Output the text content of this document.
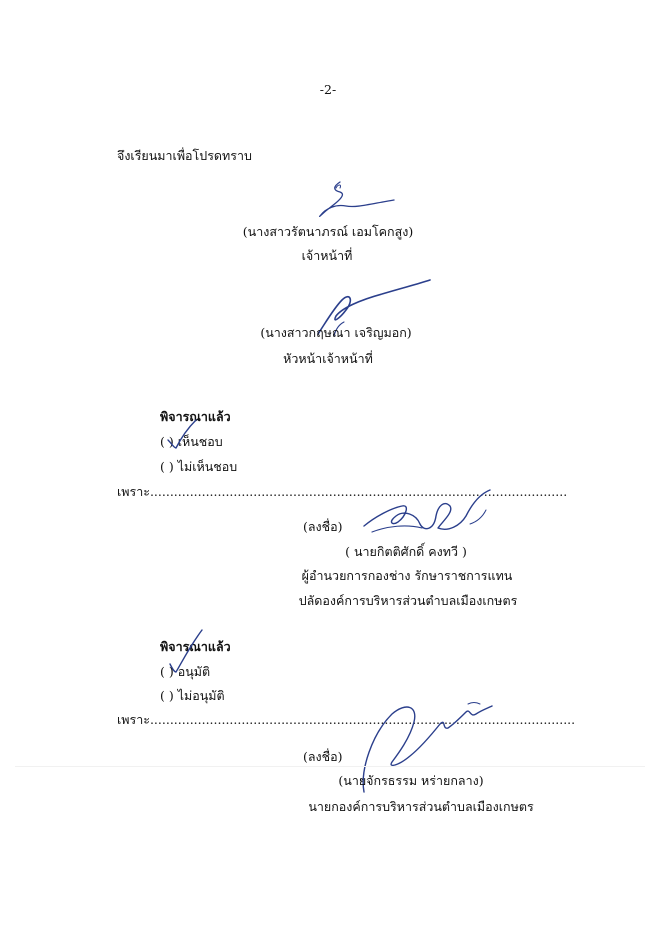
-2-
จึงเรียนมาเพื่อโปรดทราบ
(นางสาวรัตนาภรณ์ เอมโคกสูง)
เจ้าหน้าที่
(นางสาวกฤษณา เจริญมอก)
หัวหน้าเจ้าหน้าที่
พิจารณาแล้ว
( ) เห็นชอบ
( ) ไม่เห็นชอบ
เพราะ.........................................................................................................
(ลงชื่อ)
( นายกิตติศักดิ์ คงทวี )
ผู้อำนวยการกองช่าง รักษาราชการแทน
ปลัดองค์การบริหารส่วนตำบลเมืองเกษตร
พิจารณาแล้ว
( ) อนุมัติ
( ) ไม่อนุมัติ
เพราะ...........................................................................................................
(ลงชื่อ)
(นายจักรธรรม หร่ายกลาง)
นายกองค์การบริหารส่วนตำบลเมืองเกษตร
